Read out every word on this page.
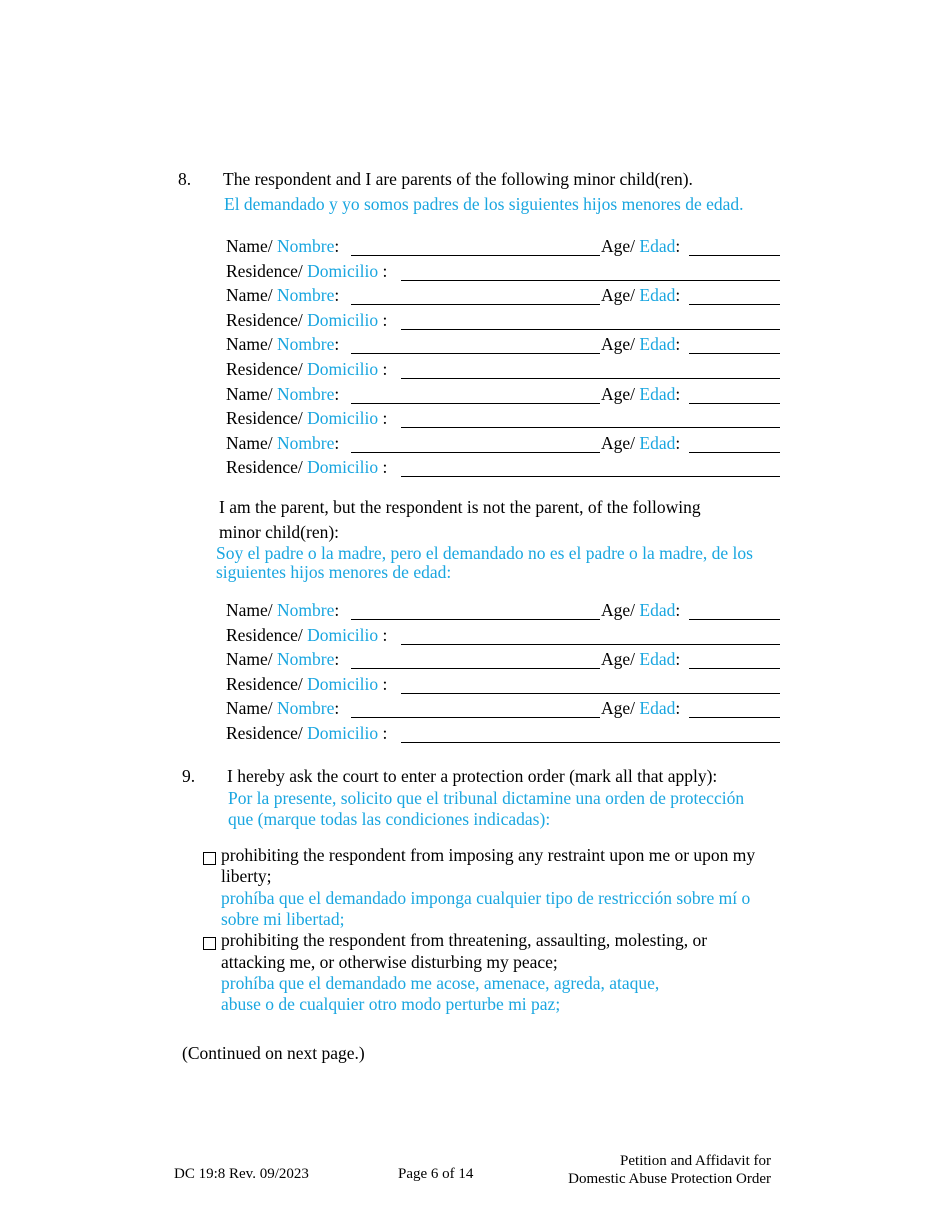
8. The respondent and I are parents of the following minor child(ren).
El demandado y yo somos padres de los siguientes hijos menores de edad.
Name/ Nombre:	Age/ Edad:
Residence/ Domicilio :
Name/ Nombre:	Age/ Edad:
Residence/ Domicilio :
Name/ Nombre:	Age/ Edad:
Residence/ Domicilio :
Name/ Nombre:	Age/ Edad:
Residence/ Domicilio :
Name/ Nombre:	Age/ Edad:
Residence/ Domicilio :
I am the parent, but the respondent is not the parent, of the following
minor child(ren):
Soy el padre o la madre, pero el demandado no es el padre o la madre, de los
siguientes hijos menores de edad:
Name/ Nombre:	Age/ Edad:
Residence/ Domicilio :
Name/ Nombre:	Age/ Edad:
Residence/ Domicilio :
Name/ Nombre:	Age/ Edad:
Residence/ Domicilio :
9. I hereby ask the court to enter a protection order (mark all that apply):
Por la presente, solicito que el tribunal dictamine una orden de protección
que (marque todas las condiciones indicadas):
prohibiting the respondent from imposing any restraint upon me or upon my
liberty;
prohíba que el demandado imponga cualquier tipo de restricción sobre mí o
sobre mi libertad;
prohibiting the respondent from threatening, assaulting, molesting, or
attacking me, or otherwise disturbing my peace;
prohíba que el demandado me acose, amenace, agreda, ataque,
abuse o de cualquier otro modo perturbe mi paz;
(Continued on next page.)
DC 19:8 Rev. 09/2023	Page 6 of 14
Petition and Affidavit for
Domestic Abuse Protection Order
